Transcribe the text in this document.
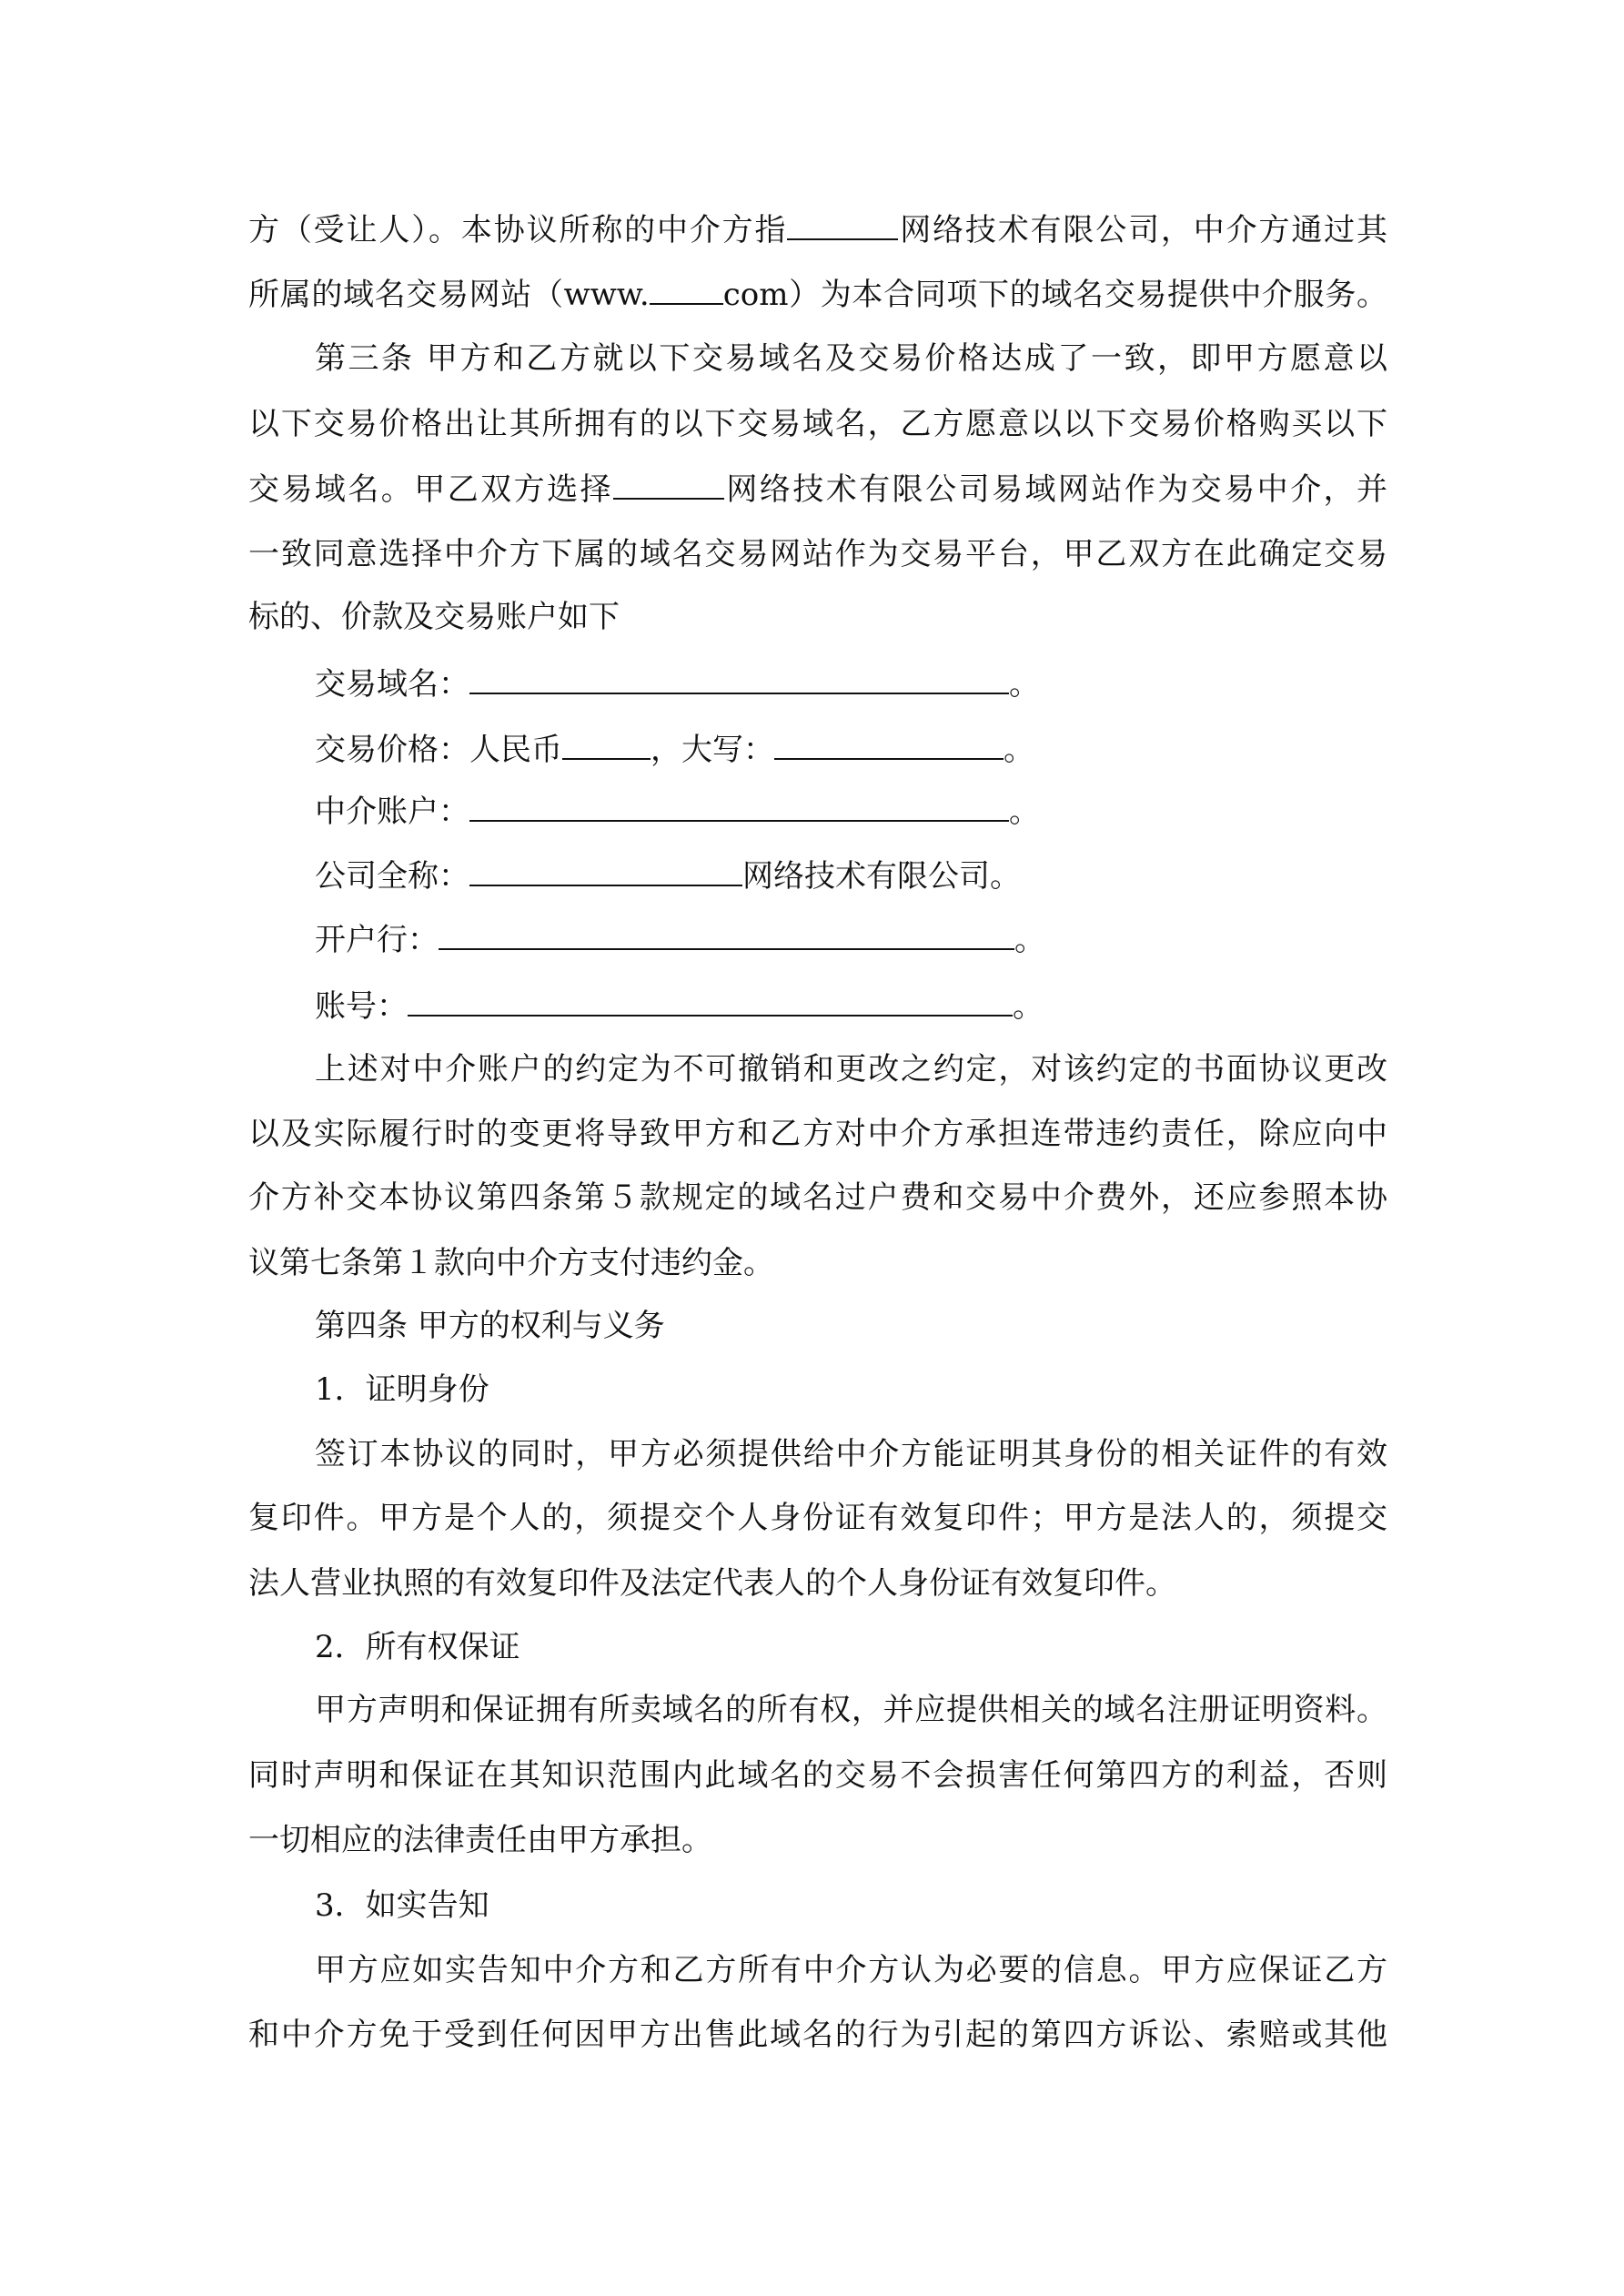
方（受让人）。本协议所称的中介方指	网络技术有限公司，中介方通过其
所属的域名交易网站（www. com）为本合同项下的域名交易提供中介服务。
第三条 甲方和乙方就以下交易域名及交易价格达成了一致，即甲方愿意以
以下交易价格出让其所拥有的以下交易域名，乙方愿意以以下交易价格购买以下
交易域名。甲乙双方选择	网络技术有限公司易域网站作为交易中介，并
一致同意选择中介方下属的域名交易网站作为交易平台，甲乙双方在此确定交易
标的、价款及交易账户如下
交易域名：	。
交易价格：人民币	，大写：	。
中介账户：	。
公司全称：	网络技术有限公司。
开户行：	。
账号：	。
上述对中介账户的约定为不可撤销和更改之约定，对该约定的书面协议更改
以及实际履行时的变更将导致甲方和乙方对中介方承担连带违约责任，除应向中
介方补交本协议第四条第５款规定的域名过户费和交易中介费外，还应参照本协
议第七条第１款向中介方支付违约金。
第四条 甲方的权利与义务
1．证明身份
签订本协议的同时，甲方必须提供给中介方能证明其身份的相关证件的有效
复印件。甲方是个人的，须提交个人身份证有效复印件；甲方是法人的，须提交
法人营业执照的有效复印件及法定代表人的个人身份证有效复印件。
2．所有权保证
甲方声明和保证拥有所卖域名的所有权，并应提供相关的域名注册证明资料。
同时声明和保证在其知识范围内此域名的交易不会损害任何第四方的利益，否则
一切相应的法律责任由甲方承担。
3．如实告知
甲方应如实告知中介方和乙方所有中介方认为必要的信息。甲方应保证乙方
和中介方免于受到任何因甲方出售此域名的行为引起的第四方诉讼、索赔或其他
